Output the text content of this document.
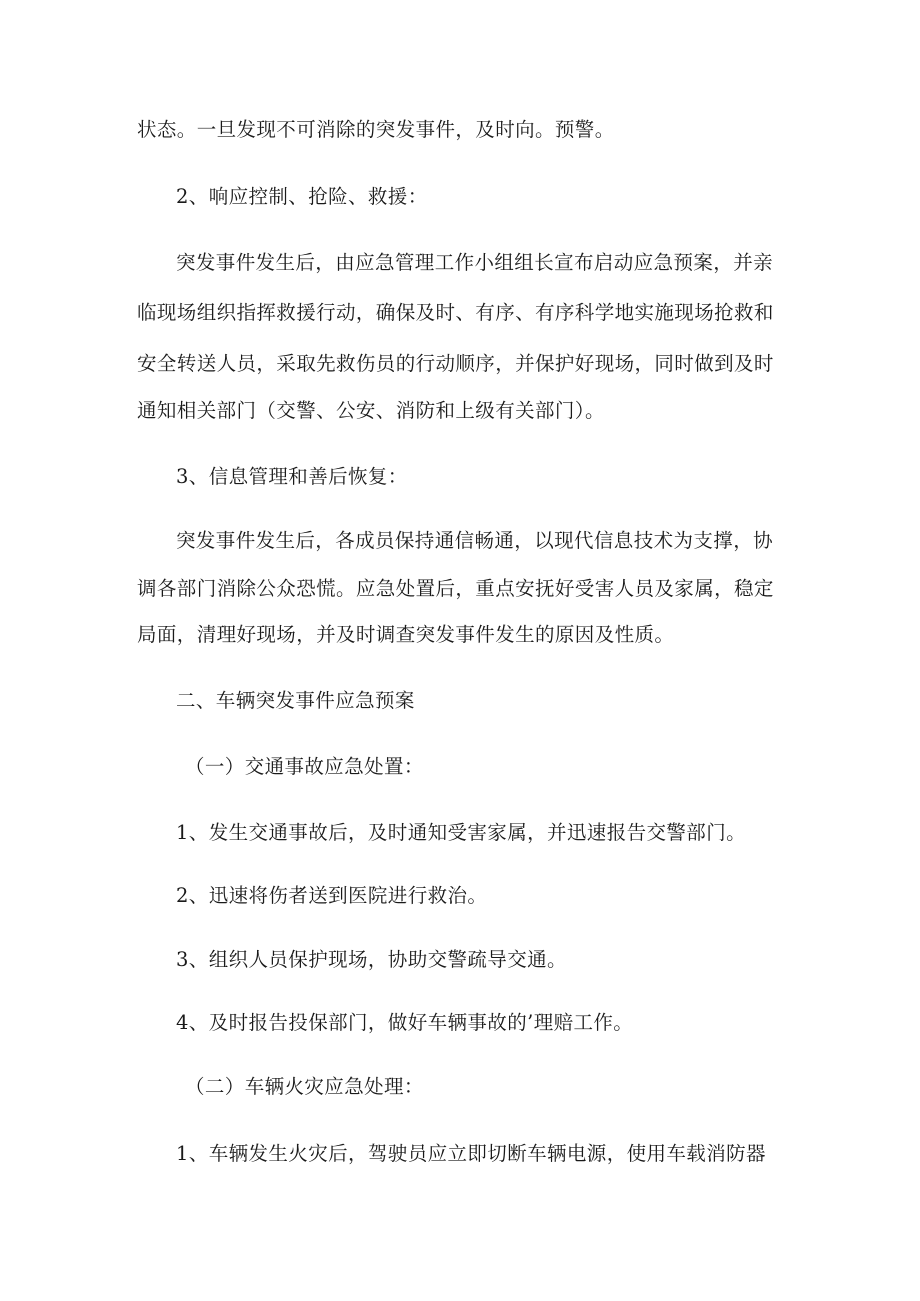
状态。一旦发现不可消除的突发事件，及时向。预警。

2、响应控制、抢险、救援：

突发事件发生后，由应急管理工作小组组长宣布启动应急预案，并亲

临现场组织指挥救援行动，确保及时、有序、有序科学地实施现场抢救和

安全转送人员，采取先救伤员的行动顺序，并保护好现场，同时做到及时

通知相关部门（交警、公安、消防和上级有关部门）。

3、信息管理和善后恢复：

突发事件发生后，各成员保持通信畅通，以现代信息技术为支撑，协

调各部门消除公众恐慌。应急处置后，重点安抚好受害人员及家属，稳定

局面，清理好现场，并及时调查突发事件发生的原因及性质。

二、车辆突发事件应急预案

（一）交通事故应急处置：

1、发生交通事故后，及时通知受害家属，并迅速报告交警部门。

2、迅速将伤者送到医院进行救治。

3、组织人员保护现场，协助交警疏导交通。

4、及时报告投保部门，做好车辆事故的’理赔工作。

（二）车辆火灾应急处理：

1、车辆发生火灾后，驾驶员应立即切断车辆电源，使用车载消防器
